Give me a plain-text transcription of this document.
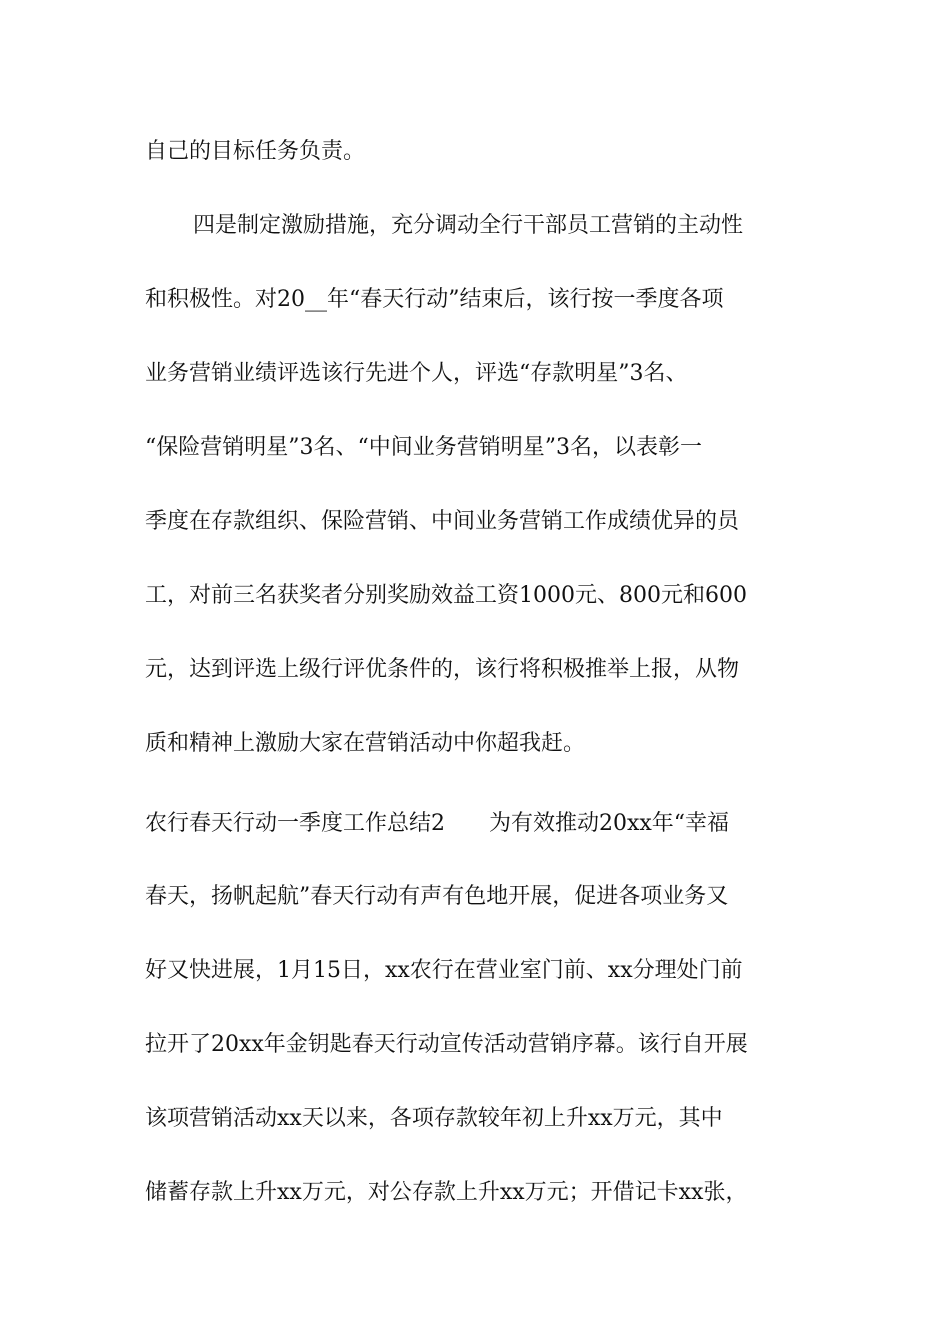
自己的目标任务负责。
四是制定激励措施，充分调动全行干部员工营销的主动性
和积极性。对20__年“春天行动”结束后，该行按一季度各项
业务营销业绩评选该行先进个人，评选“存款明星”3名、
“保险营销明星”3名、“中间业务营销明星”3名，以表彰一
季度在存款组织、保险营销、中间业务营销工作成绩优异的员
工，对前三名获奖者分别奖励效益工资1000元、800元和600
元，达到评选上级行评优条件的，该行将积极推举上报，从物
质和精神上激励大家在营销活动中你超我赶。
农行春天行动一季度工作总结2　　为有效推动20xx年“幸福
春天，扬帆起航”春天行动有声有色地开展，促进各项业务又
好又快进展，1月15日，xx农行在营业室门前、xx分理处门前
拉开了20xx年金钥匙春天行动宣传活动营销序幕。该行自开展
该项营销活动xx天以来，各项存款较年初上升xx万元，其中
储蓄存款上升xx万元，对公存款上升xx万元；开借记卡xx张，
